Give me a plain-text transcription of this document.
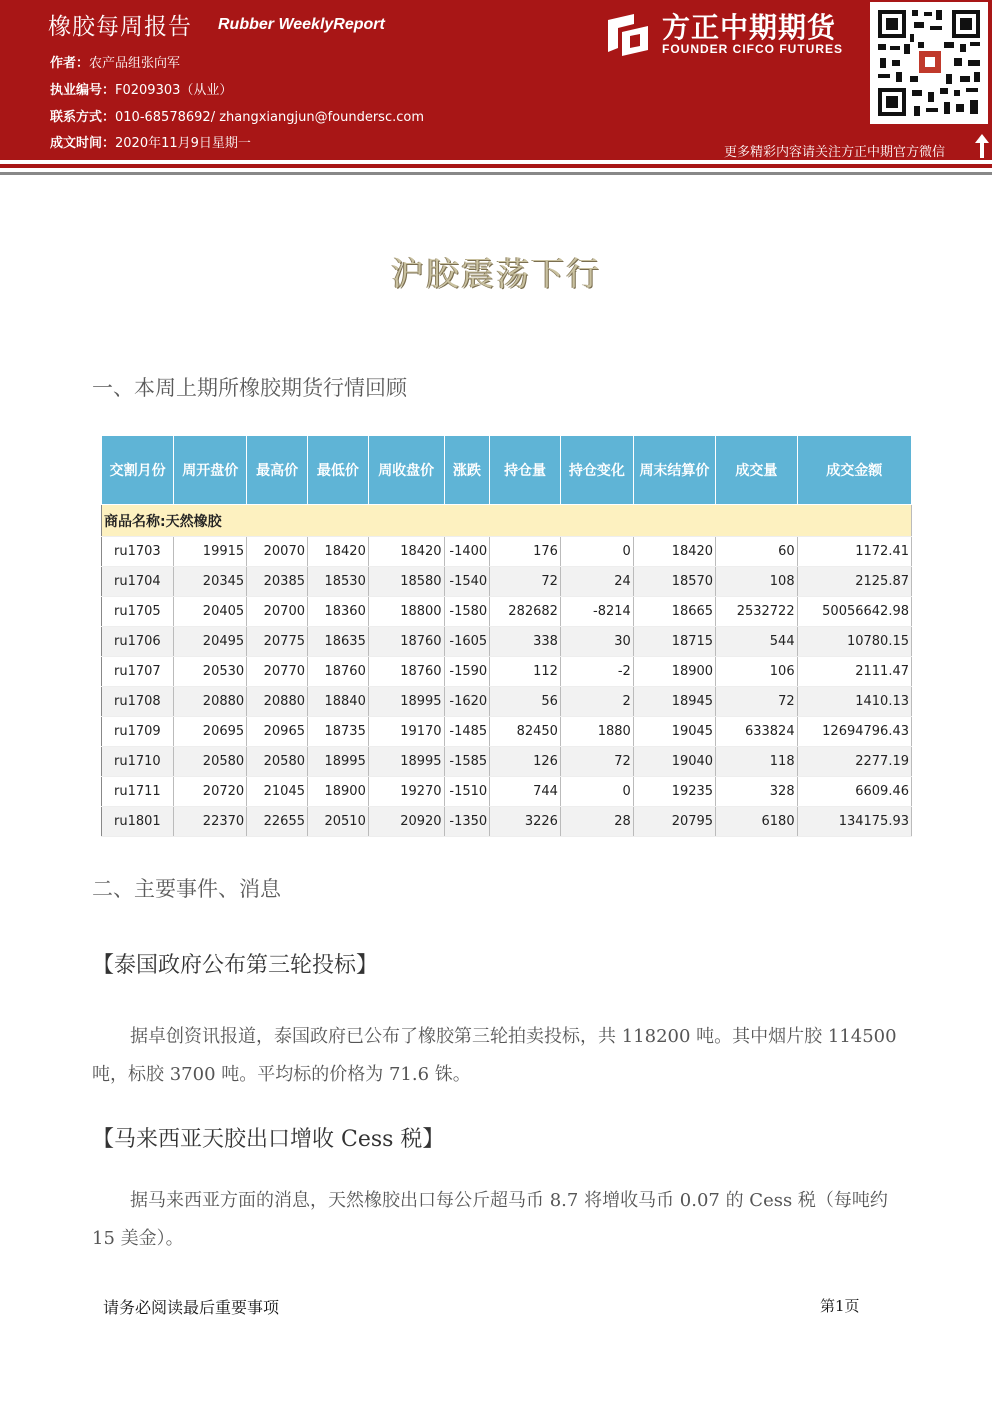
橡胶每周报告 Rubber WeeklyReport
作者：农产品组张向军
执业编号：F0209303（从业）
联系方式：010-68578692/ zhangxiangjun@foundersc.com
成文时间：2020年11月9日星期一
方正中期期货
FOUNDER CIFCO FUTURES
更多精彩内容请关注方正中期官方微信
沪胶震荡下行
一、本周上期所橡胶期货行情回顾
交割月份	周开盘价	最高价	最低价	周收盘价	涨跌	持仓量	持仓变化	周末结算价	成交量	成交金额
商品名称:天然橡胶										
ru1703	19915	20070	18420	18420	-1400	176	0	18420	60	1172.41
ru1704	20345	20385	18530	18580	-1540	72	24	18570	108	2125.87
ru1705	20405	20700	18360	18800	-1580	282682	-8214	18665	2532722	50056642.98
ru1706	20495	20775	18635	18760	-1605	338	30	18715	544	10780.15
ru1707	20530	20770	18760	18760	-1590	112	-2	18900	106	2111.47
ru1708	20880	20880	18840	18995	-1620	56	2	18945	72	1410.13
ru1709	20695	20965	18735	19170	-1485	82450	1880	19045	633824	12694796.43
ru1710	20580	20580	18995	18995	-1585	126	72	19040	118	2277.19
ru1711	20720	21045	18900	19270	-1510	744	0	19235	328	6609.46
ru1801	22370	22655	20510	20920	-1350	3226	28	20795	6180	134175.93
二、主要事件、消息
【泰国政府公布第三轮投标】
据卓创资讯报道，泰国政府已公布了橡胶第三轮拍卖投标，共 118200 吨。其中烟片胶 114500 吨，标胶 3700 吨。平均标的价格为 71.6 铢。
【马来西亚天胶出口增收 Cess 税】
据马来西亚方面的消息，天然橡胶出口每公斤超马币 8.7 将增收马币 0.07 的 Cess 税（每吨约 15 美金）。
请务必阅读最后重要事项	第1页
